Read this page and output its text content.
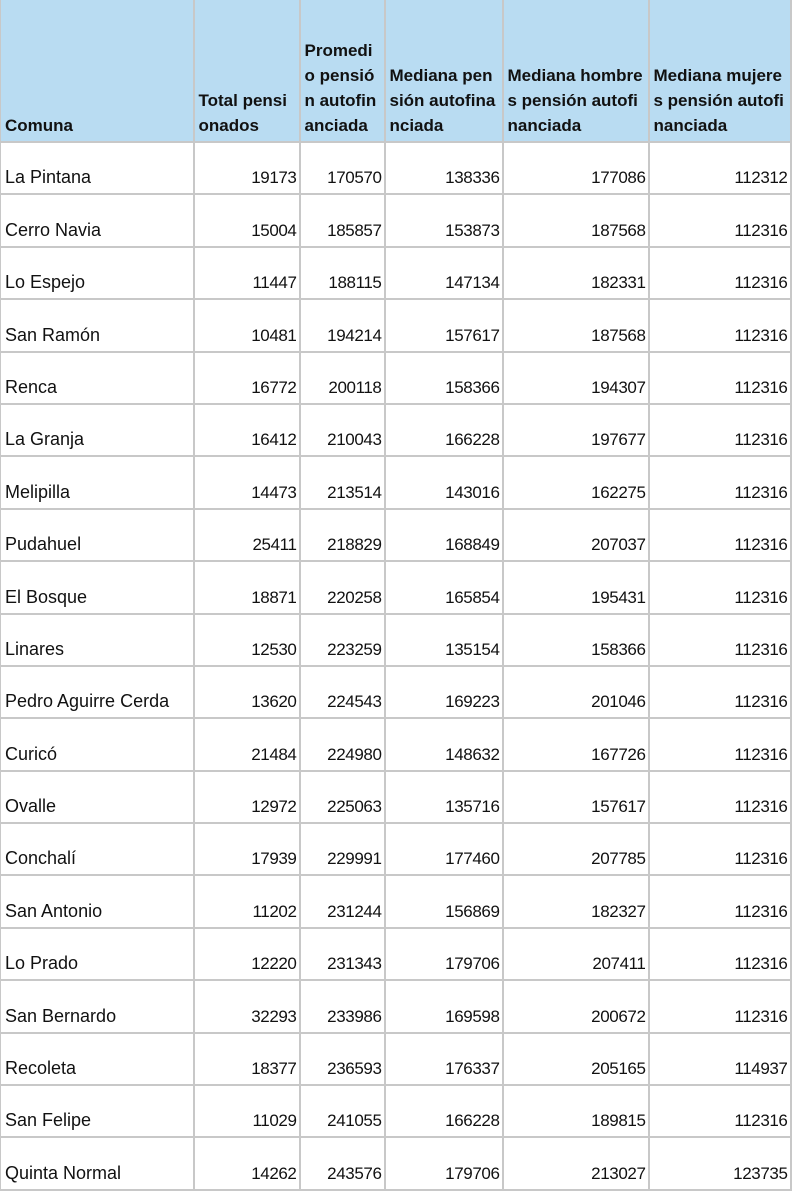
Comuna	Total pensionados	Promedio pensión autofinanciada	Mediana pensión autofinanciada	Mediana hombres pensión autofinanciada	Mediana mujeres pensión autofinanciada
La Pintana	19173	170570	138336	177086	112312
Cerro Navia	15004	185857	153873	187568	112316
Lo Espejo	11447	188115	147134	182331	112316
San Ramón	10481	194214	157617	187568	112316
Renca	16772	200118	158366	194307	112316
La Granja	16412	210043	166228	197677	112316
Melipilla	14473	213514	143016	162275	112316
Pudahuel	25411	218829	168849	207037	112316
El Bosque	18871	220258	165854	195431	112316
Linares	12530	223259	135154	158366	112316
Pedro Aguirre Cerda	13620	224543	169223	201046	112316
Curicó	21484	224980	148632	167726	112316
Ovalle	12972	225063	135716	157617	112316
Conchalí	17939	229991	177460	207785	112316
San Antonio	11202	231244	156869	182327	112316
Lo Prado	12220	231343	179706	207411	112316
San Bernardo	32293	233986	169598	200672	112316
Recoleta	18377	236593	176337	205165	114937
San Felipe	11029	241055	166228	189815	112316
Quinta Normal	14262	243576	179706	213027	123735
